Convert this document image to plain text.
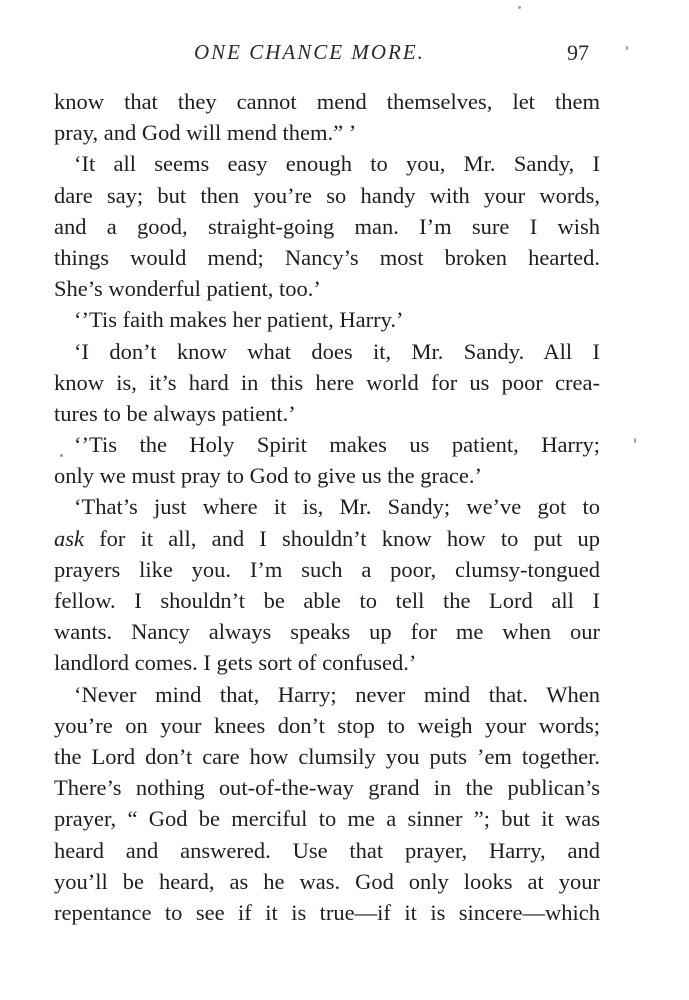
ONE CHANCE MORE.	97
know that they cannot mend themselves, let them
pray, and God will mend them.” ’
‘It all seems easy enough to you, Mr. Sandy, I
dare say; but then you’re so handy with your words,
and a good, straight-going man. I’m sure I wish
things would mend; Nancy’s most broken hearted.
She’s wonderful patient, too.’
‘’Tis faith makes her patient, Harry.’
‘I don’t know what does it, Mr. Sandy. All I
know is, it’s hard in this here world for us poor crea-
tures to be always patient.’
‘’Tis the Holy Spirit makes us patient, Harry;
only we must pray to God to give us the grace.’
‘That’s just where it is, Mr. Sandy; we’ve got to
ask for it all, and I shouldn’t know how to put up
prayers like you. I’m such a poor, clumsy-tongued
fellow. I shouldn’t be able to tell the Lord all I
wants. Nancy always speaks up for me when our
landlord comes. I gets sort of confused.’
‘Never mind that, Harry; never mind that. When
you’re on your knees don’t stop to weigh your words;
the Lord don’t care how clumsily you puts ’em together.
There’s nothing out-of-the-way grand in the publican’s
prayer, “ God be merciful to me a sinner ”; but it was
heard and answered. Use that prayer, Harry, and
you’ll be heard, as he was. God only looks at your
repentance to see if it is true—if it is sincere—which
